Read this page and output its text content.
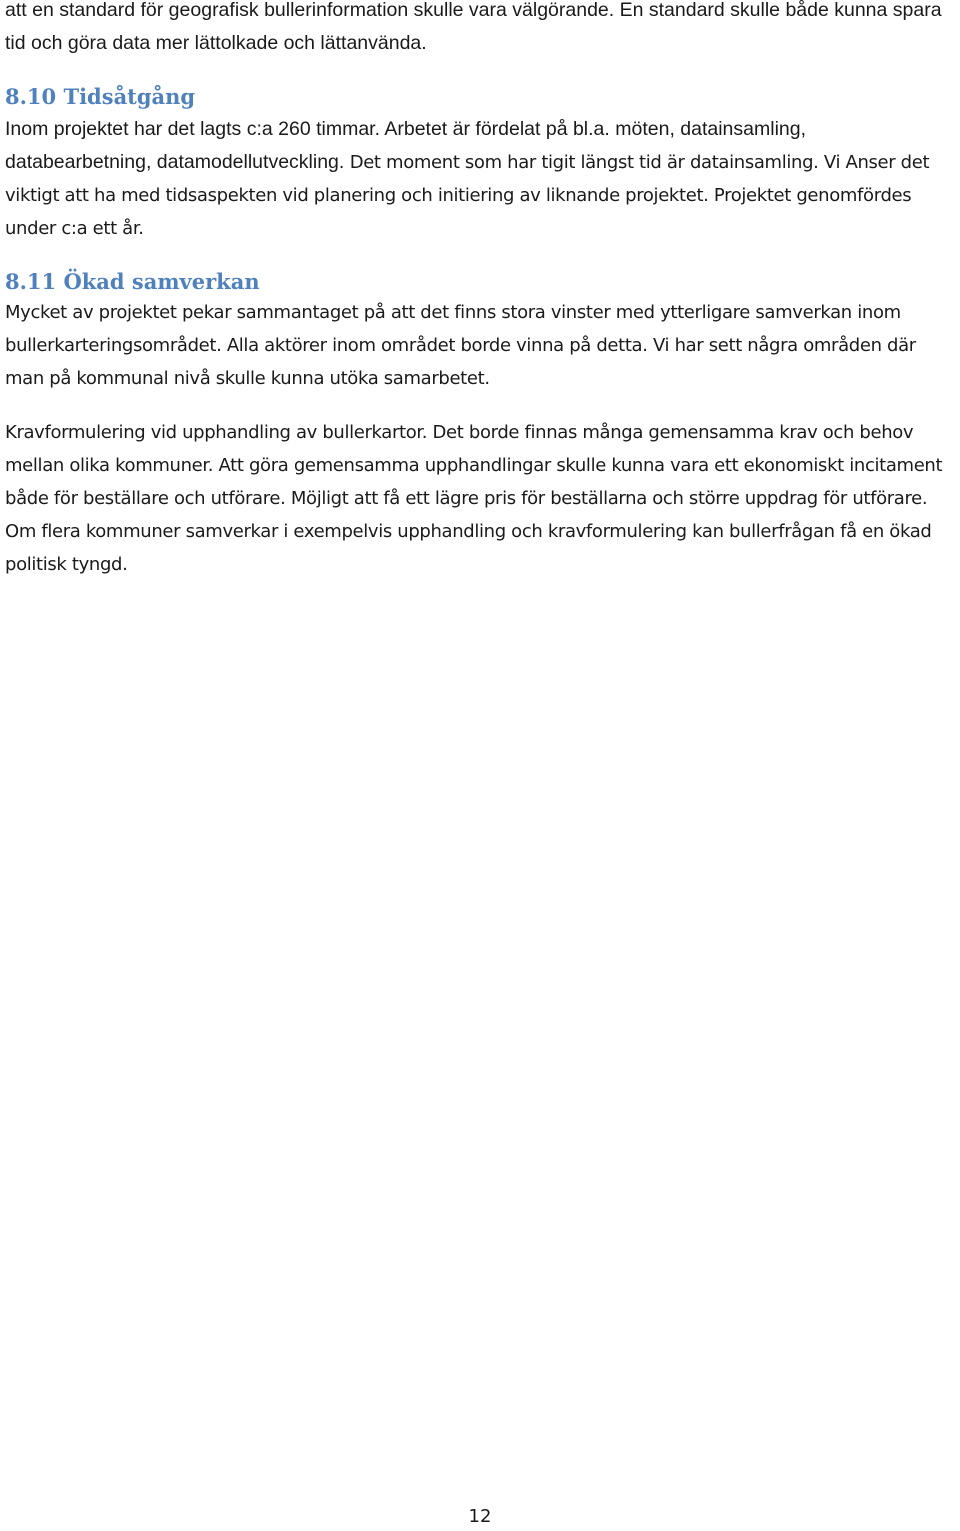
att en standard för geografisk bullerinformation skulle vara välgörande. En standard skulle både kunna spara tid och göra data mer lättolkade och lättanvända.

8.10 Tidsåtgång

Inom projektet har det lagts c:a 260 timmar. Arbetet är fördelat på bl.a. möten, datainsamling, databearbetning, datamodellutveckling. Det moment som har tigit längst tid är datainsamling. Vi Anser det viktigt att ha med tidsaspekten vid planering och initiering av liknande projektet. Projektet genomfördes under c:a ett år.

8.11 Ökad samverkan

Mycket av projektet pekar sammantaget på att det finns stora vinster med ytterligare samverkan inom bullerkarteringsområdet. Alla aktörer inom området borde vinna på detta. Vi har sett några områden där man på kommunal nivå skulle kunna utöka samarbetet.

Kravformulering vid upphandling av bullerkartor. Det borde finnas många gemensamma krav och behov mellan olika kommuner. Att göra gemensamma upphandlingar skulle kunna vara ett ekonomiskt incitament både för beställare och utförare. Möjligt att få ett lägre pris för beställarna och större uppdrag för utförare. Om flera kommuner samverkar i exempelvis upphandling och kravformulering kan bullerfrågan få en ökad politisk tyngd.

12
